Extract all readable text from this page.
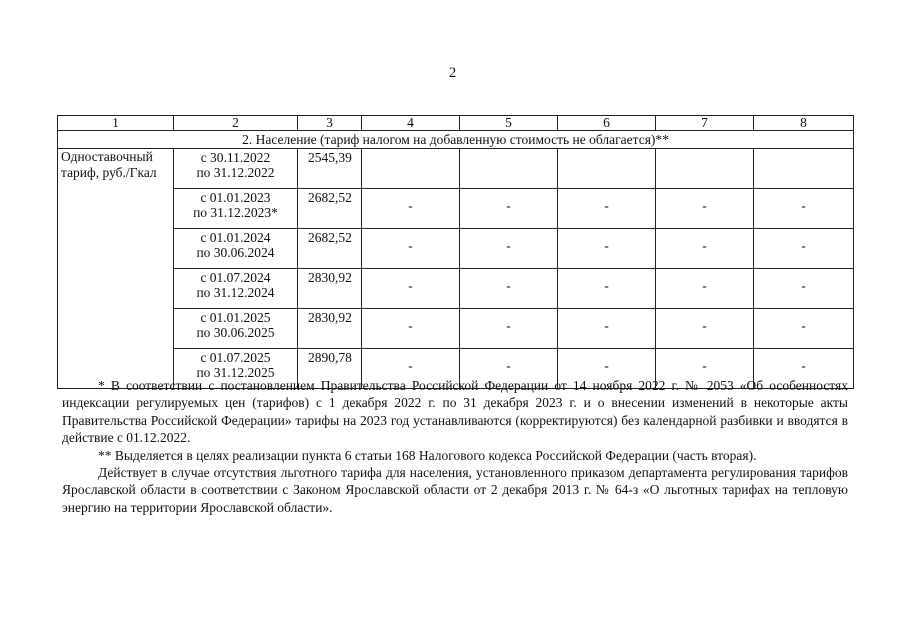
2
1	2	3	4	5	6	7	8
2. Население (тариф налогом на добавленную стоимость не облагается)**							
Одноставочный тариф, руб./Гкал	с 30.11.2022
по 31.12.2022	2545,39					

	с 01.01.2023
по 31.12.2023*	2682,52	-	-	-	-	-

	с 01.01.2024
по 30.06.2024	2682,52	-	-	-	-	-

	с 01.07.2024
по 31.12.2024	2830,92	-	-	-	-	-

	с 01.01.2025
по 30.06.2025	2830,92	-	-	-	-	-

	с 01.07.2025
по 31.12.2025	2890,78	-	-	-	-	-

* В соответствии с постановлением Правительства Российской Федерации от 14 ноября 2022 г. № 2053 «Об особенностях индексации регулируемых цен (тарифов) с 1 декабря 2022 г. по 31 декабря 2023 г. и о внесении изменений в некоторые акты Правительства Российской Федерации» тарифы на 2023 год устанавливаются (корректируются) без календарной разбивки и вводятся в действие с 01.12.2022.

** Выделяется в целях реализации пункта 6 статьи 168 Налогового кодекса Российской Федерации (часть вторая).

Действует в случае отсутствия льготного тарифа для населения, установленного приказом департамента регулирования тарифов Ярославской области в соответствии с Законом Ярославской области от 2 декабря 2013 г. № 64-з «О льготных тарифах на тепловую энергию на территории Ярославской области».
